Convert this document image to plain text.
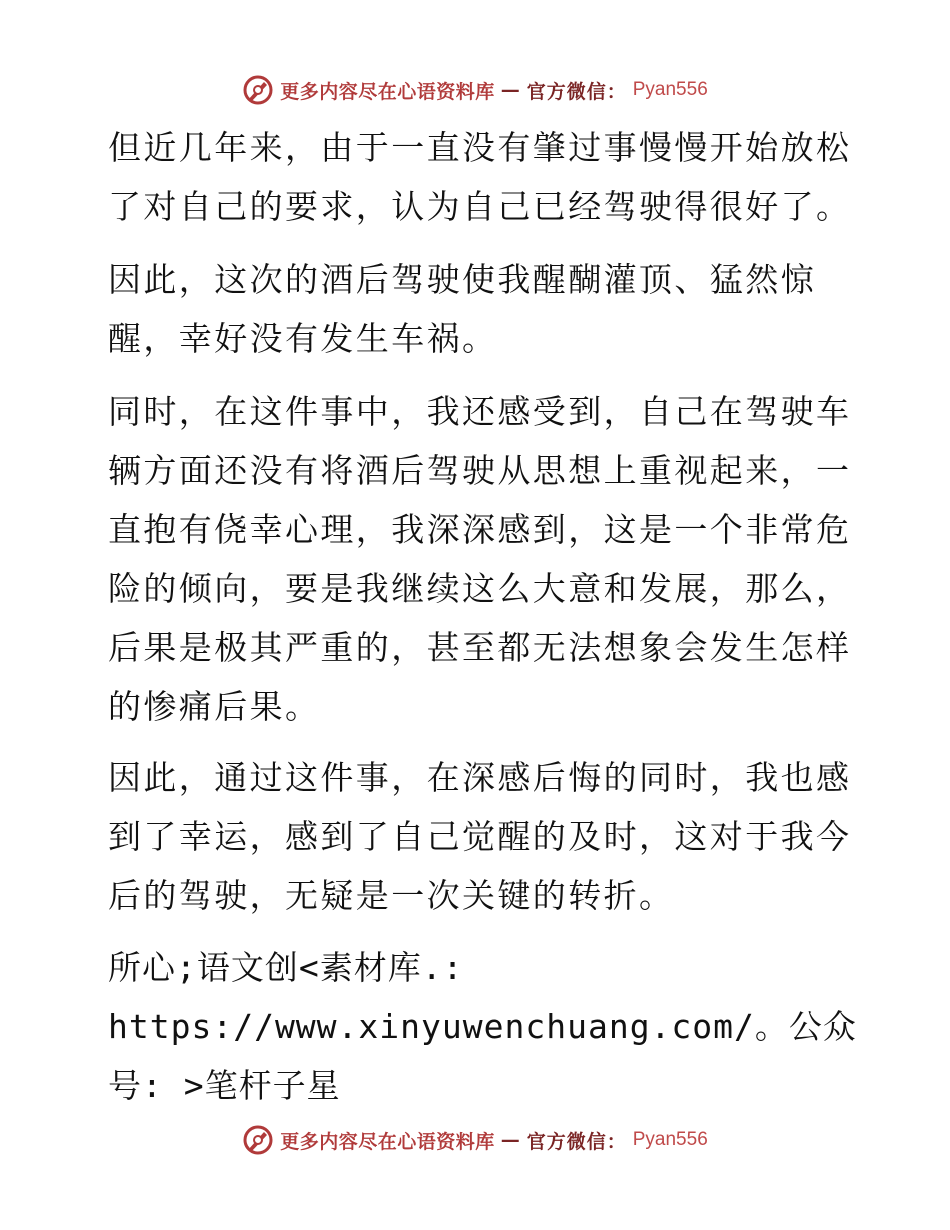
更多内容尽在心语资料库 — 官方微信： Pyan556

但近几年来，由于一直没有肇过事慢慢开始放松了对自己的要求，认为自己已经驾驶得很好了。

因此，这次的酒后驾驶使我醒醐灌顶、猛然惊醒，幸好没有发生车祸。

同时，在这件事中，我还感受到，自己在驾驶车辆方面还没有将酒后驾驶从思想上重视起来，一直抱有侥幸心理，我深深感到，这是一个非常危险的倾向，要是我继续这么大意和发展，那么，后果是极其严重的，甚至都无法想象会发生怎样的惨痛后果。

因此，通过这件事，在深感后悔的同时，我也感到了幸运，感到了自己觉醒的及时，这对于我今后的驾驶，无疑是一次关键的转折。

所心;语文创<素材库.: https://www.xinyuwenchuang.com/。公众号: >笔杆子星

更多内容尽在心语资料库 — 官方微信： Pyan556
